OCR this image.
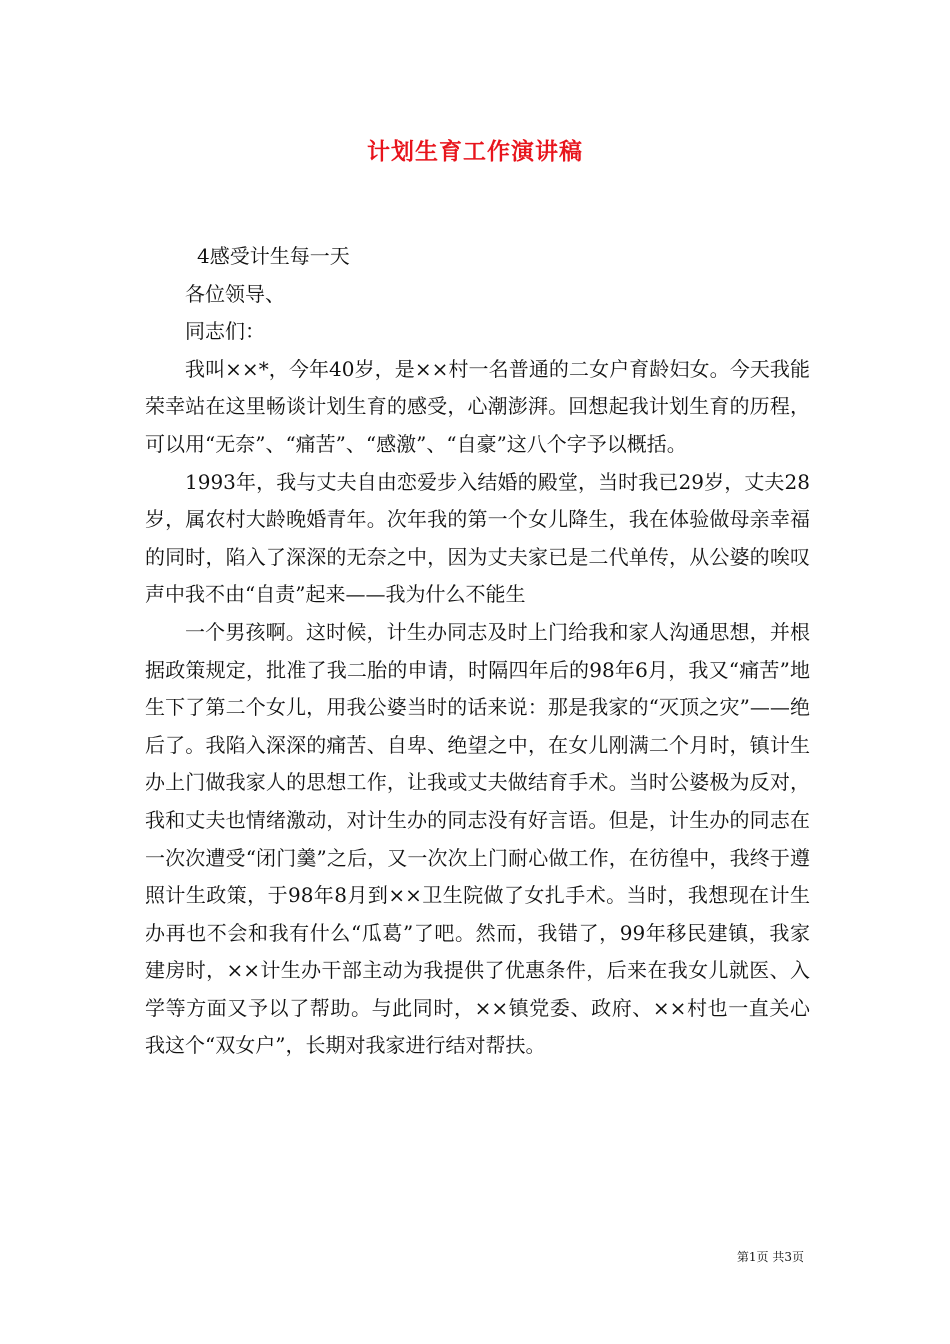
计划生育工作演讲稿

4感受计生每一天

各位领导、

同志们：

我叫××*，今年40岁，是××村一名普通的二女户育龄妇女。今天我能荣幸站在这里畅谈计划生育的感受，心潮澎湃。回想起我计划生育的历程，可以用“无奈”、“痛苦”、“感激”、“自豪”这八个字予以概括。

1993年，我与丈夫自由恋爱步入结婚的殿堂，当时我已29岁，丈夫28岁，属农村大龄晚婚青年。次年我的第一个女儿降生，我在体验做母亲幸福的同时，陷入了深深的无奈之中，因为丈夫家已是二代单传，从公婆的唉叹声中我不由“自责”起来——我为什么不能生

一个男孩啊。这时候，计生办同志及时上门给我和家人沟通思想，并根据政策规定，批准了我二胎的申请，时隔四年后的98年6月，我又“痛苦”地生下了第二个女儿，用我公婆当时的话来说：那是我家的“灭顶之灾”——绝后了。我陷入深深的痛苦、自卑、绝望之中，在女儿刚满二个月时，镇计生办上门做我家人的思想工作，让我或丈夫做结育手术。当时公婆极为反对，我和丈夫也情绪激动，对计生办的同志没有好言语。但是，计生办的同志在一次次遭受“闭门羹”之后，又一次次上门耐心做工作，在彷徨中，我终于遵照计生政策，于98年8月到××卫生院做了女扎手术。当时，我想现在计生办再也不会和我有什么“瓜葛”了吧。然而，我错了，99年移民建镇，我家建房时，××计生办干部主动为我提供了优惠条件，后来在我女儿就医、入学等方面又予以了帮助。与此同时，××镇党委、政府、××村也一直关心我这个“双女户”，长期对我家进行结对帮扶。

第1页 共3页
